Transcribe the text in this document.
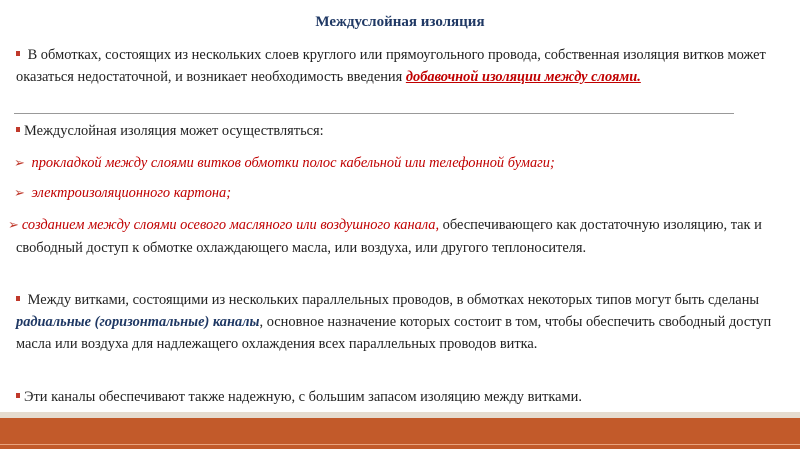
Междуслойная изоляция
В обмотках, состоящих из нескольких слоев круглого или прямоугольного провода, собственная изоляция витков может оказаться недостаточной, и возникает необходимость введения добавочной изоляции между слоями.
Междуслойная изоляция может осуществляться:
➢ прокладкой между слоями витков обмотки полос кабельной или телефонной бумаги;
➢ электроизоляционного картона;
➢ созданием между слоями осевого масляного или воздушного канала, обеспечивающего как достаточную изоляцию, так и свободный доступ к обмотке охлаждающего масла, или воздуха, или другого теплоносителя.
Между витками, состоящими из нескольких параллельных проводов, в обмотках некоторых типов могут быть сделаны радиальные (горизонтальные) каналы, основное назначение которых состоит в том, чтобы обеспечить свободный доступ масла или воздуха для надлежащего охлаждения всех параллельных проводов витка.
Эти каналы обеспечивают также надежную, с большим запасом изоляцию между витками.
